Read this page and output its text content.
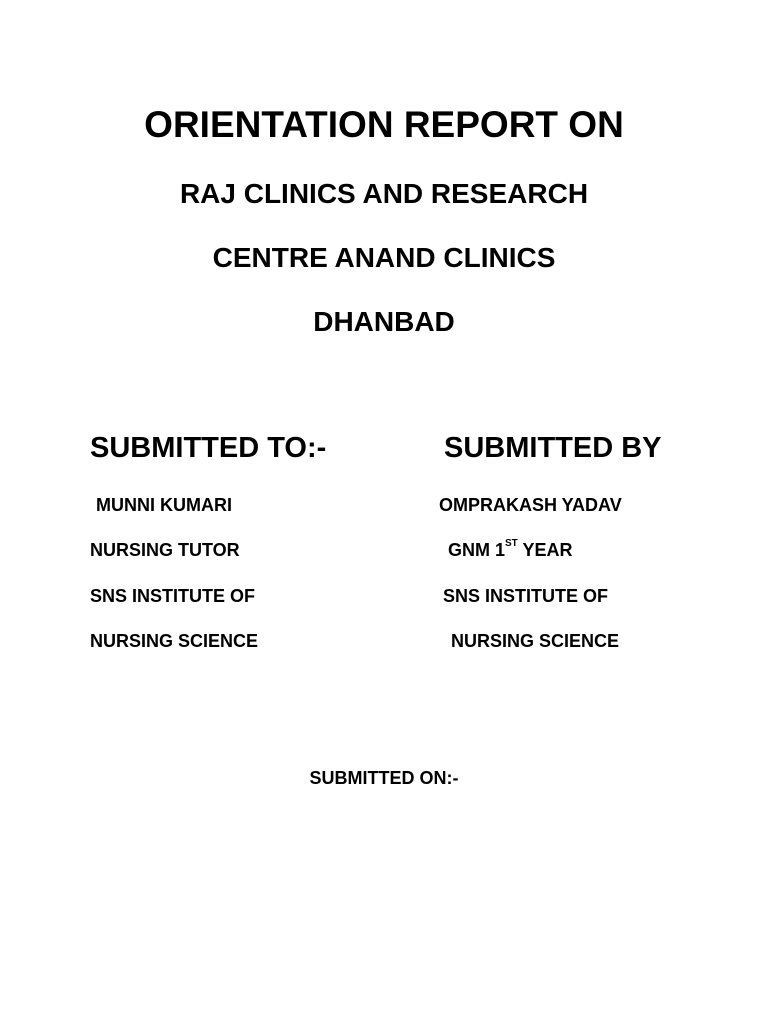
ORIENTATION REPORT ON
RAJ CLINICS AND RESEARCH
CENTRE ANAND CLINICS
DHANBAD
SUBMITTED TO:-
MUNNI KUMARI
NURSING TUTOR
SNS INSTITUTE OF
NURSING SCIENCE
SUBMITTED BY
OMPRAKASH YADAV
GNM 1ST YEAR
SNS INSTITUTE OF
NURSING SCIENCE
SUBMITTED ON:-
